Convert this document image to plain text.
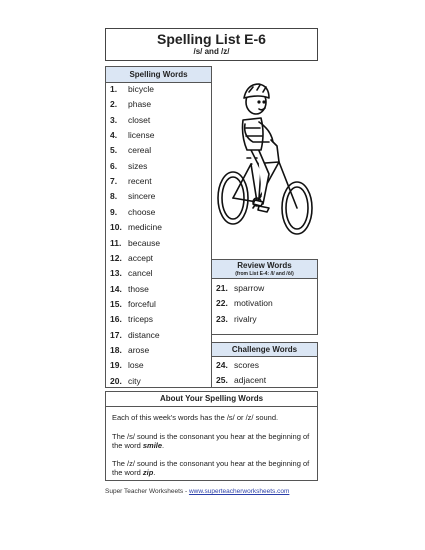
Spelling List E-6
/s/ and /z/
Spelling Words
1. bicycle
2. phase
3. closet
4. license
5. cereal
6. sizes
7. recent
8. sincere
9. choose
10. medicine
11. because
12. accept
13. cancel
14. those
15. forceful
16. triceps
17. distance
18. arose
19. lose
20. city
Review Words
(from List E-4: /l/ and /ô/)
21. sparrow
22. motivation
23. rivalry
Challenge Words
24. scores
25. adjacent
About Your Spelling Words
Each of this week's words has the /s/ or /z/ sound.
The /s/ sound is the consonant you hear at the beginning of the word smile.
The /z/ sound is the consonant you hear at the beginning of the word zip.
Super Teacher Worksheets - www.superteacherworksheets.com
